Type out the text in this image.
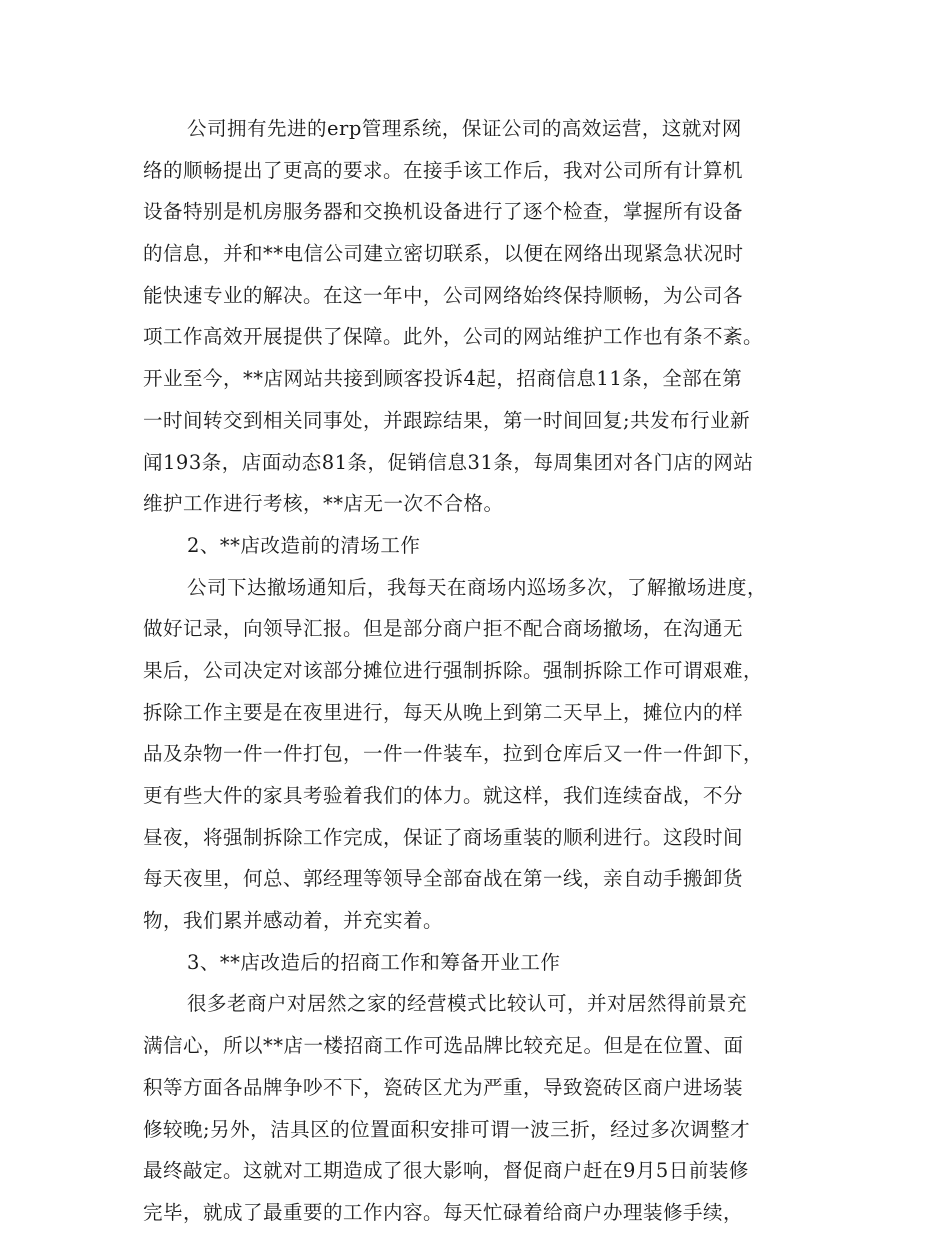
公司拥有先进的erp管理系统，保证公司的高效运营，这就对网
络的顺畅提出了更高的要求。在接手该工作后，我对公司所有计算机
设备特别是机房服务器和交换机设备进行了逐个检查，掌握所有设备
的信息，并和**电信公司建立密切联系，以便在网络出现紧急状况时
能快速专业的解决。在这一年中，公司网络始终保持顺畅，为公司各
项工作高效开展提供了保障。此外，公司的网站维护工作也有条不紊。
开业至今，**店网站共接到顾客投诉4起，招商信息11条，全部在第
一时间转交到相关同事处，并跟踪结果，第一时间回复;共发布行业新
闻193条，店面动态81条，促销信息31条，每周集团对各门店的网站
维护工作进行考核，**店无一次不合格。
2、**店改造前的清场工作
公司下达撤场通知后，我每天在商场内巡场多次，了解撤场进度，
做好记录，向领导汇报。但是部分商户拒不配合商场撤场，在沟通无
果后，公司决定对该部分摊位进行强制拆除。强制拆除工作可谓艰难，
拆除工作主要是在夜里进行，每天从晚上到第二天早上，摊位内的样
品及杂物一件一件打包，一件一件装车，拉到仓库后又一件一件卸下，
更有些大件的家具考验着我们的体力。就这样，我们连续奋战，不分
昼夜，将强制拆除工作完成，保证了商场重装的顺利进行。这段时间
每天夜里，何总、郭经理等领导全部奋战在第一线，亲自动手搬卸货
物，我们累并感动着，并充实着。
3、**店改造后的招商工作和筹备开业工作
很多老商户对居然之家的经营模式比较认可，并对居然得前景充
满信心，所以**店一楼招商工作可选品牌比较充足。但是在位置、面
积等方面各品牌争吵不下，瓷砖区尤为严重，导致瓷砖区商户进场装
修较晚;另外，洁具区的位置面积安排可谓一波三折，经过多次调整才
最终敲定。这就对工期造成了很大影响，督促商户赶在9月5日前装修
完毕，就成了最重要的工作内容。每天忙碌着给商户办理装修手续，
